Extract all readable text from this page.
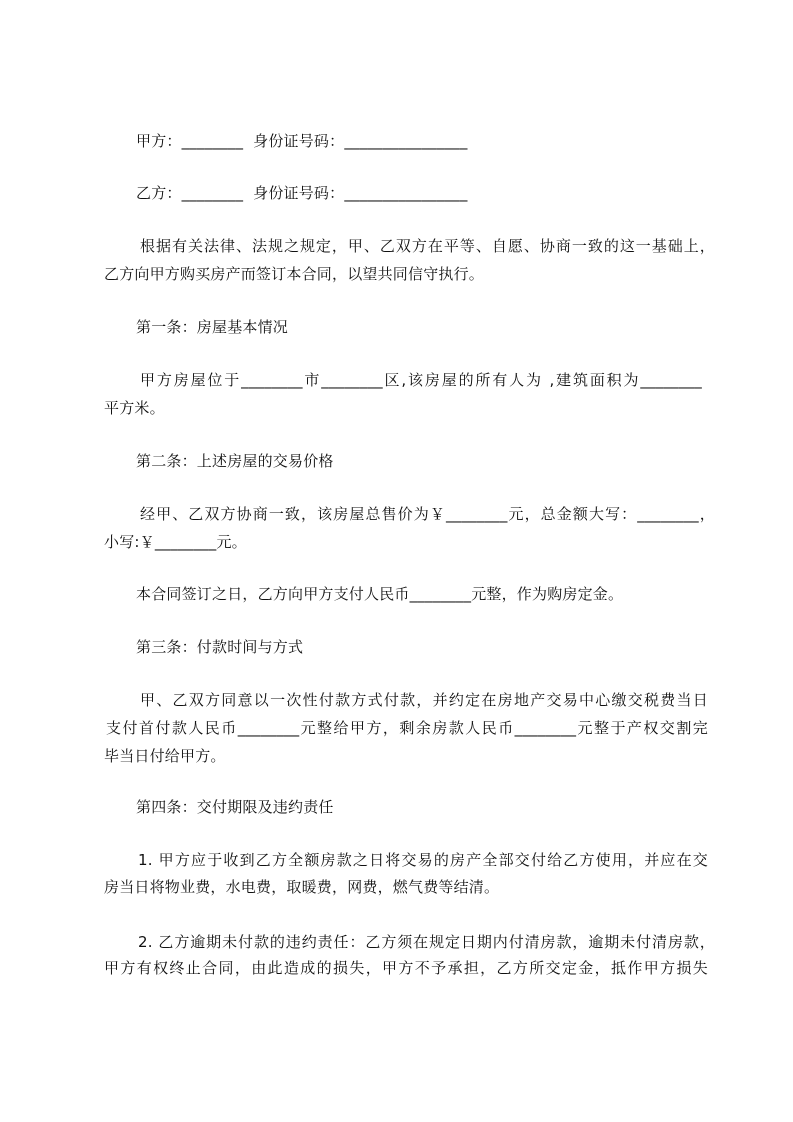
甲方：________  身份证号码：________________
乙方：________  身份证号码：________________
根据有关法律、法规之规定，甲、乙双方在平等、自愿、协商一致的这一基础上，
乙方向甲方购买房产而签订本合同，以望共同信守执行。
第一条：房屋基本情况
甲方房屋位于________市________区,该房屋的所有人为 ,建筑面积为________
平方米。
第二条：上述房屋的交易价格
经甲、乙双方协商一致，该房屋总售价为￥________元，总金额大写：________，
小写:￥________元。
本合同签订之日，乙方向甲方支付人民币________元整，作为购房定金。
第三条：付款时间与方式
甲、乙双方同意以一次性付款方式付款，并约定在房地产交易中心缴交税费当日
支付首付款人民币________元整给甲方，剩余房款人民币________元整于产权交割完
毕当日付给甲方。
第四条：交付期限及违约责任
1. 甲方应于收到乙方全额房款之日将交易的房产全部交付给乙方使用，并应在交
房当日将物业费，水电费，取暖费，网费，燃气费等结清。
2. 乙方逾期未付款的违约责任：乙方须在规定日期内付清房款，逾期未付清房款，
甲方有权终止合同，由此造成的损失，甲方不予承担，乙方所交定金，抵作甲方损失
